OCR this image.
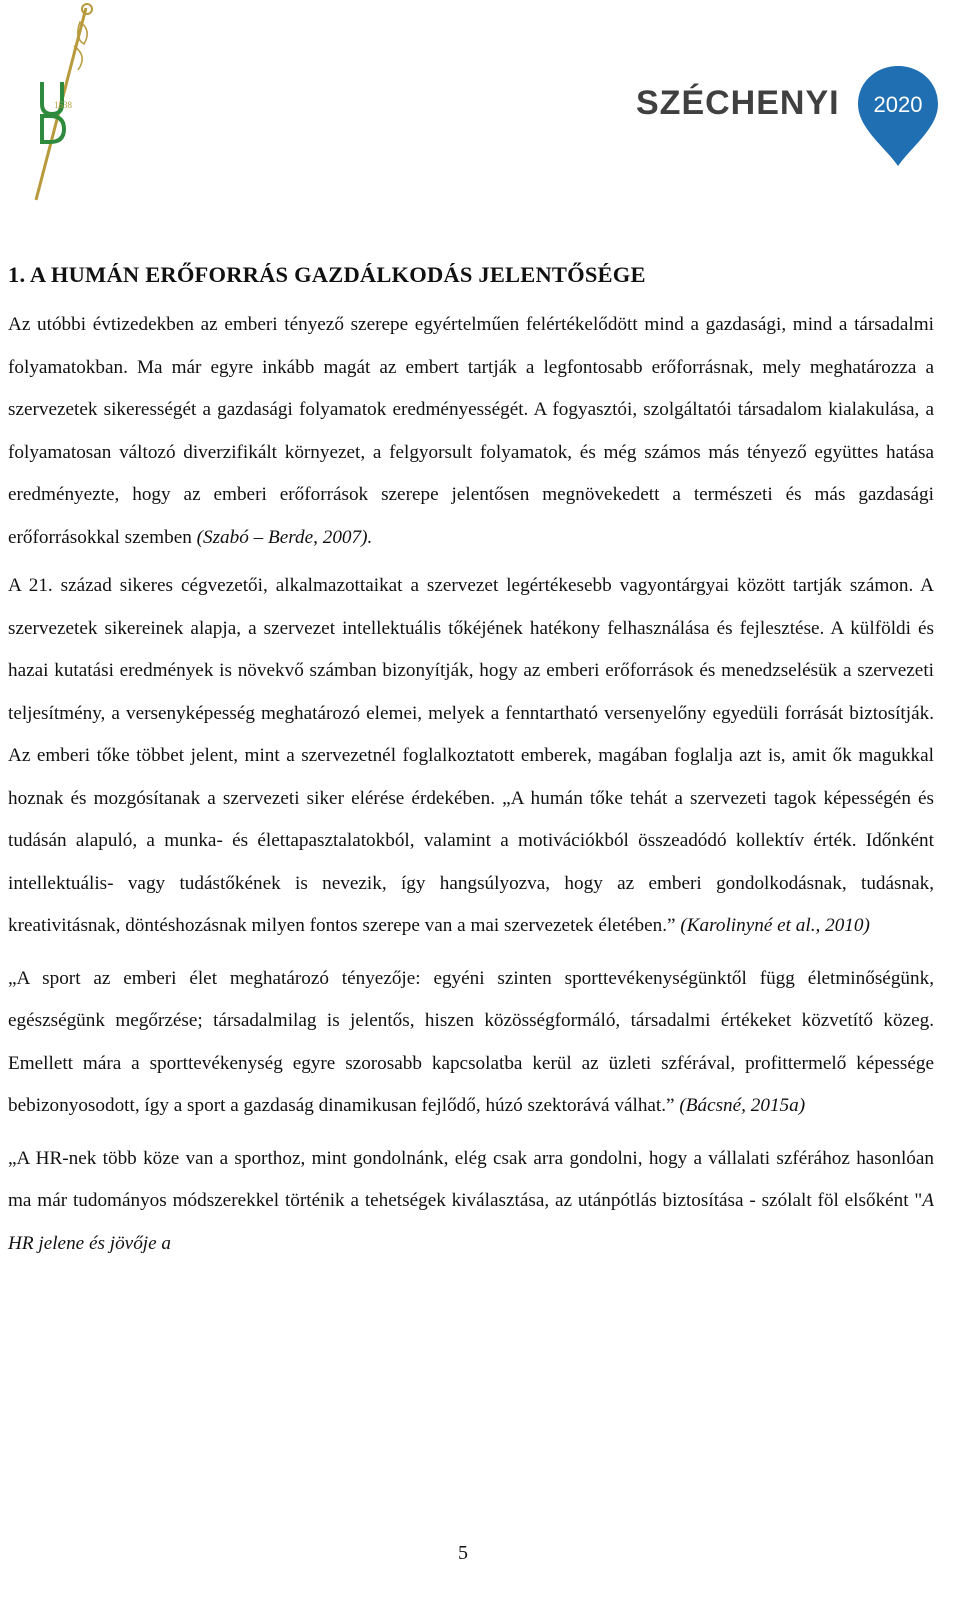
1538	SZÉCHENYI 2020
1. A HUMÁN ERŐFORRÁS GAZDÁLKODÁS JELENTŐSÉGE

Az utóbbi évtizedekben az emberi tényező szerepe egyértelműen felértékelődött mind a gazdasági, mind a társadalmi folyamatokban. Ma már egyre inkább magát az embert tartják a legfontosabb erőforrásnak, mely meghatározza a szervezetek sikerességét a gazdasági folyamatok eredményességét. A fogyasztói, szolgáltatói társadalom kialakulása, a folyamatosan változó diverzifikált környezet, a felgyorsult folyamatok, és még számos más tényező együttes hatása eredményezte, hogy az emberi erőforrások szerepe jelentősen megnövekedett a természeti és más gazdasági erőforrásokkal szemben (Szabó – Berde, 2007).

A 21. század sikeres cégvezetői, alkalmazottaikat a szervezet legértékesebb vagyontárgyai között tartják számon. A szervezetek sikereinek alapja, a szervezet intellektuális tőkéjének hatékony felhasználása és fejlesztése. A külföldi és hazai kutatási eredmények is növekvő számban bizonyítják, hogy az emberi erőforrások és menedzselésük a szervezeti teljesítmény, a versenyképesség meghatározó elemei, melyek a fenntartható versenyelőny egyedüli forrását biztosítják. Az emberi tőke többet jelent, mint a szervezetnél foglalkoztatott emberek, magában foglalja azt is, amit ők magukkal hoznak és mozgósítanak a szervezeti siker elérése érdekében. „A humán tőke tehát a szervezeti tagok képességén és tudásán alapuló, a munka- és élettapasztalatokból, valamint a motivációkból összeadódó kollektív érték. Időnként intellektuális- vagy tudástőkének is nevezik, így hangsúlyozva, hogy az emberi gondolkodásnak, tudásnak, kreativitásnak, döntéshozásnak milyen fontos szerepe van a mai szervezetek életében.” (Karolinyné et al., 2010)

„A sport az emberi élet meghatározó tényezője: egyéni szinten sporttevékenységünktől függ életminőségünk, egészségünk megőrzése; társadalmilag is jelentős, hiszen közösségformáló, társadalmi értékeket közvetítő közeg. Emellett mára a sporttevékenység egyre szorosabb kapcsolatba kerül az üzleti szférával, profittermelő képessége bebizonyosodott, így a sport a gazdaság dinamikusan fejlődő, húzó szektorává válhat.” (Bácsné, 2015a)

„A HR-nek több köze van a sporthoz, mint gondolnánk, elég csak arra gondolni, hogy a vállalati szférához hasonlóan ma már tudományos módszerekkel történik a tehetségek kiválasztása, az utánpótlás biztosítása - szólalt föl elsőként "A HR jelene és jövője a

5
